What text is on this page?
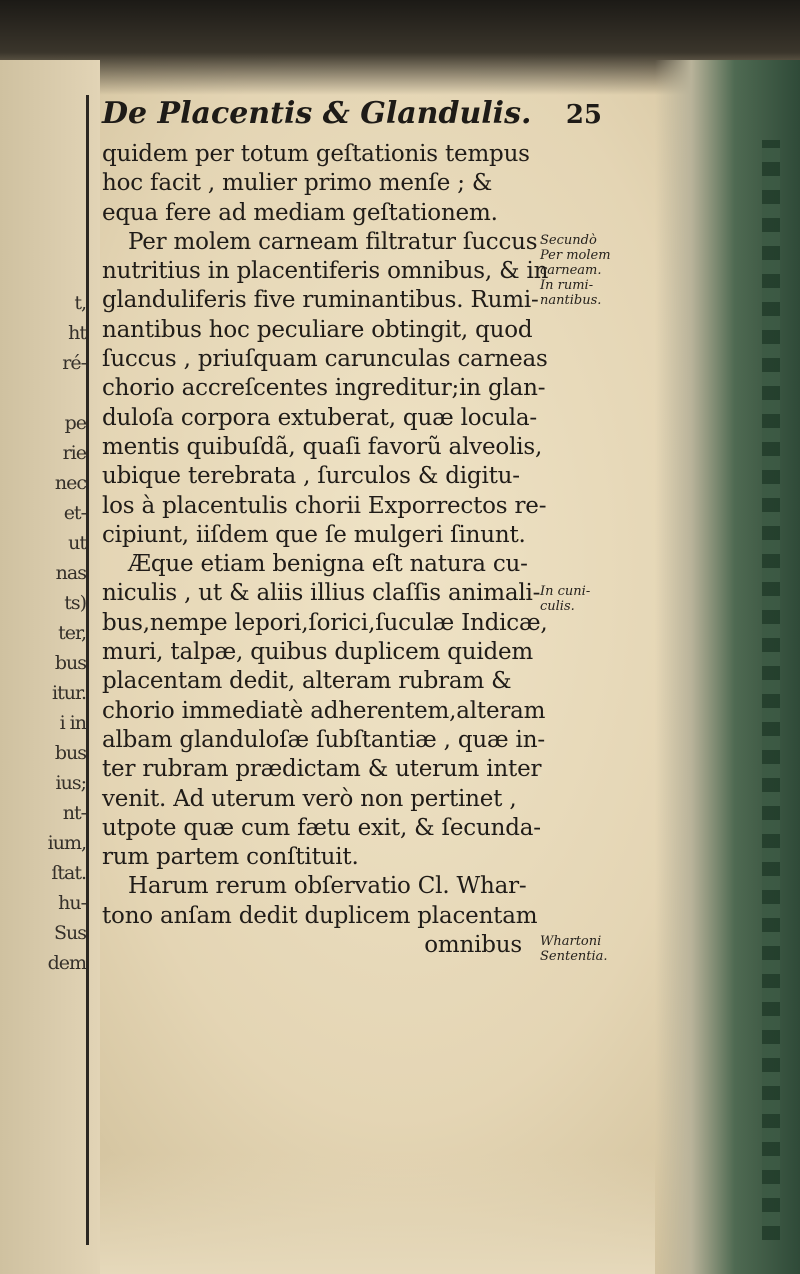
t,
ht
ré-
pe
rie
nec
et-
ut
nas
ts)
ter,
bus
itur.
i in
bus
ius;
nt-
ium,
ſtat.
hu-
Sus
dem
De Placentis & Glandulis. 25
quidem per totum geſtationis tempus
hoc facit , mulier primo menſe ; &
equa fere ad mediam geſtationem.
Per molem carneam filtratur ſuccus
nutritius in placentiferis omnibus, & in
glanduliferis five ruminantibus. Rumi-
nantibus hoc peculiare obtingit, quod
ſuccus , priuſquam carunculas carneas
chorio accreſcentes ingreditur;in glan-
duloſa corpora extuberat, quæ locula-
mentis quibuſdã, quaſi favorũ alveolis,
ubique terebrata , ſurculos & digitu-
los à placentulis chorii Exporrectos re-
cipiunt, iiſdem que ſe mulgeri ſinunt.
Æque etiam benigna eſt natura cu-
niculis , ut & aliis illius claſſis animali-
bus,nempe lepori,ſorici,ſuculæ Indicæ,
muri, talpæ, quibus duplicem quidem
placentam dedit, alteram rubram &
chorio immediatè adherentem,alteram
albam glanduloſæ ſubſtantiæ , quæ in-
ter rubram prædictam & uterum inter
venit. Ad uterum verò non pertinet ,
utpote quæ cum fætu exit, & ſecunda-
rum partem conſtituit.
Harum rerum obſervatio Cl. Whar-
tono anſam dedit duplicem placentam
omnibus
Secundò
Per molem
carneam.
In rumi-
nantibus.
In cuni-
culis.
Whartoni
Sententia.
